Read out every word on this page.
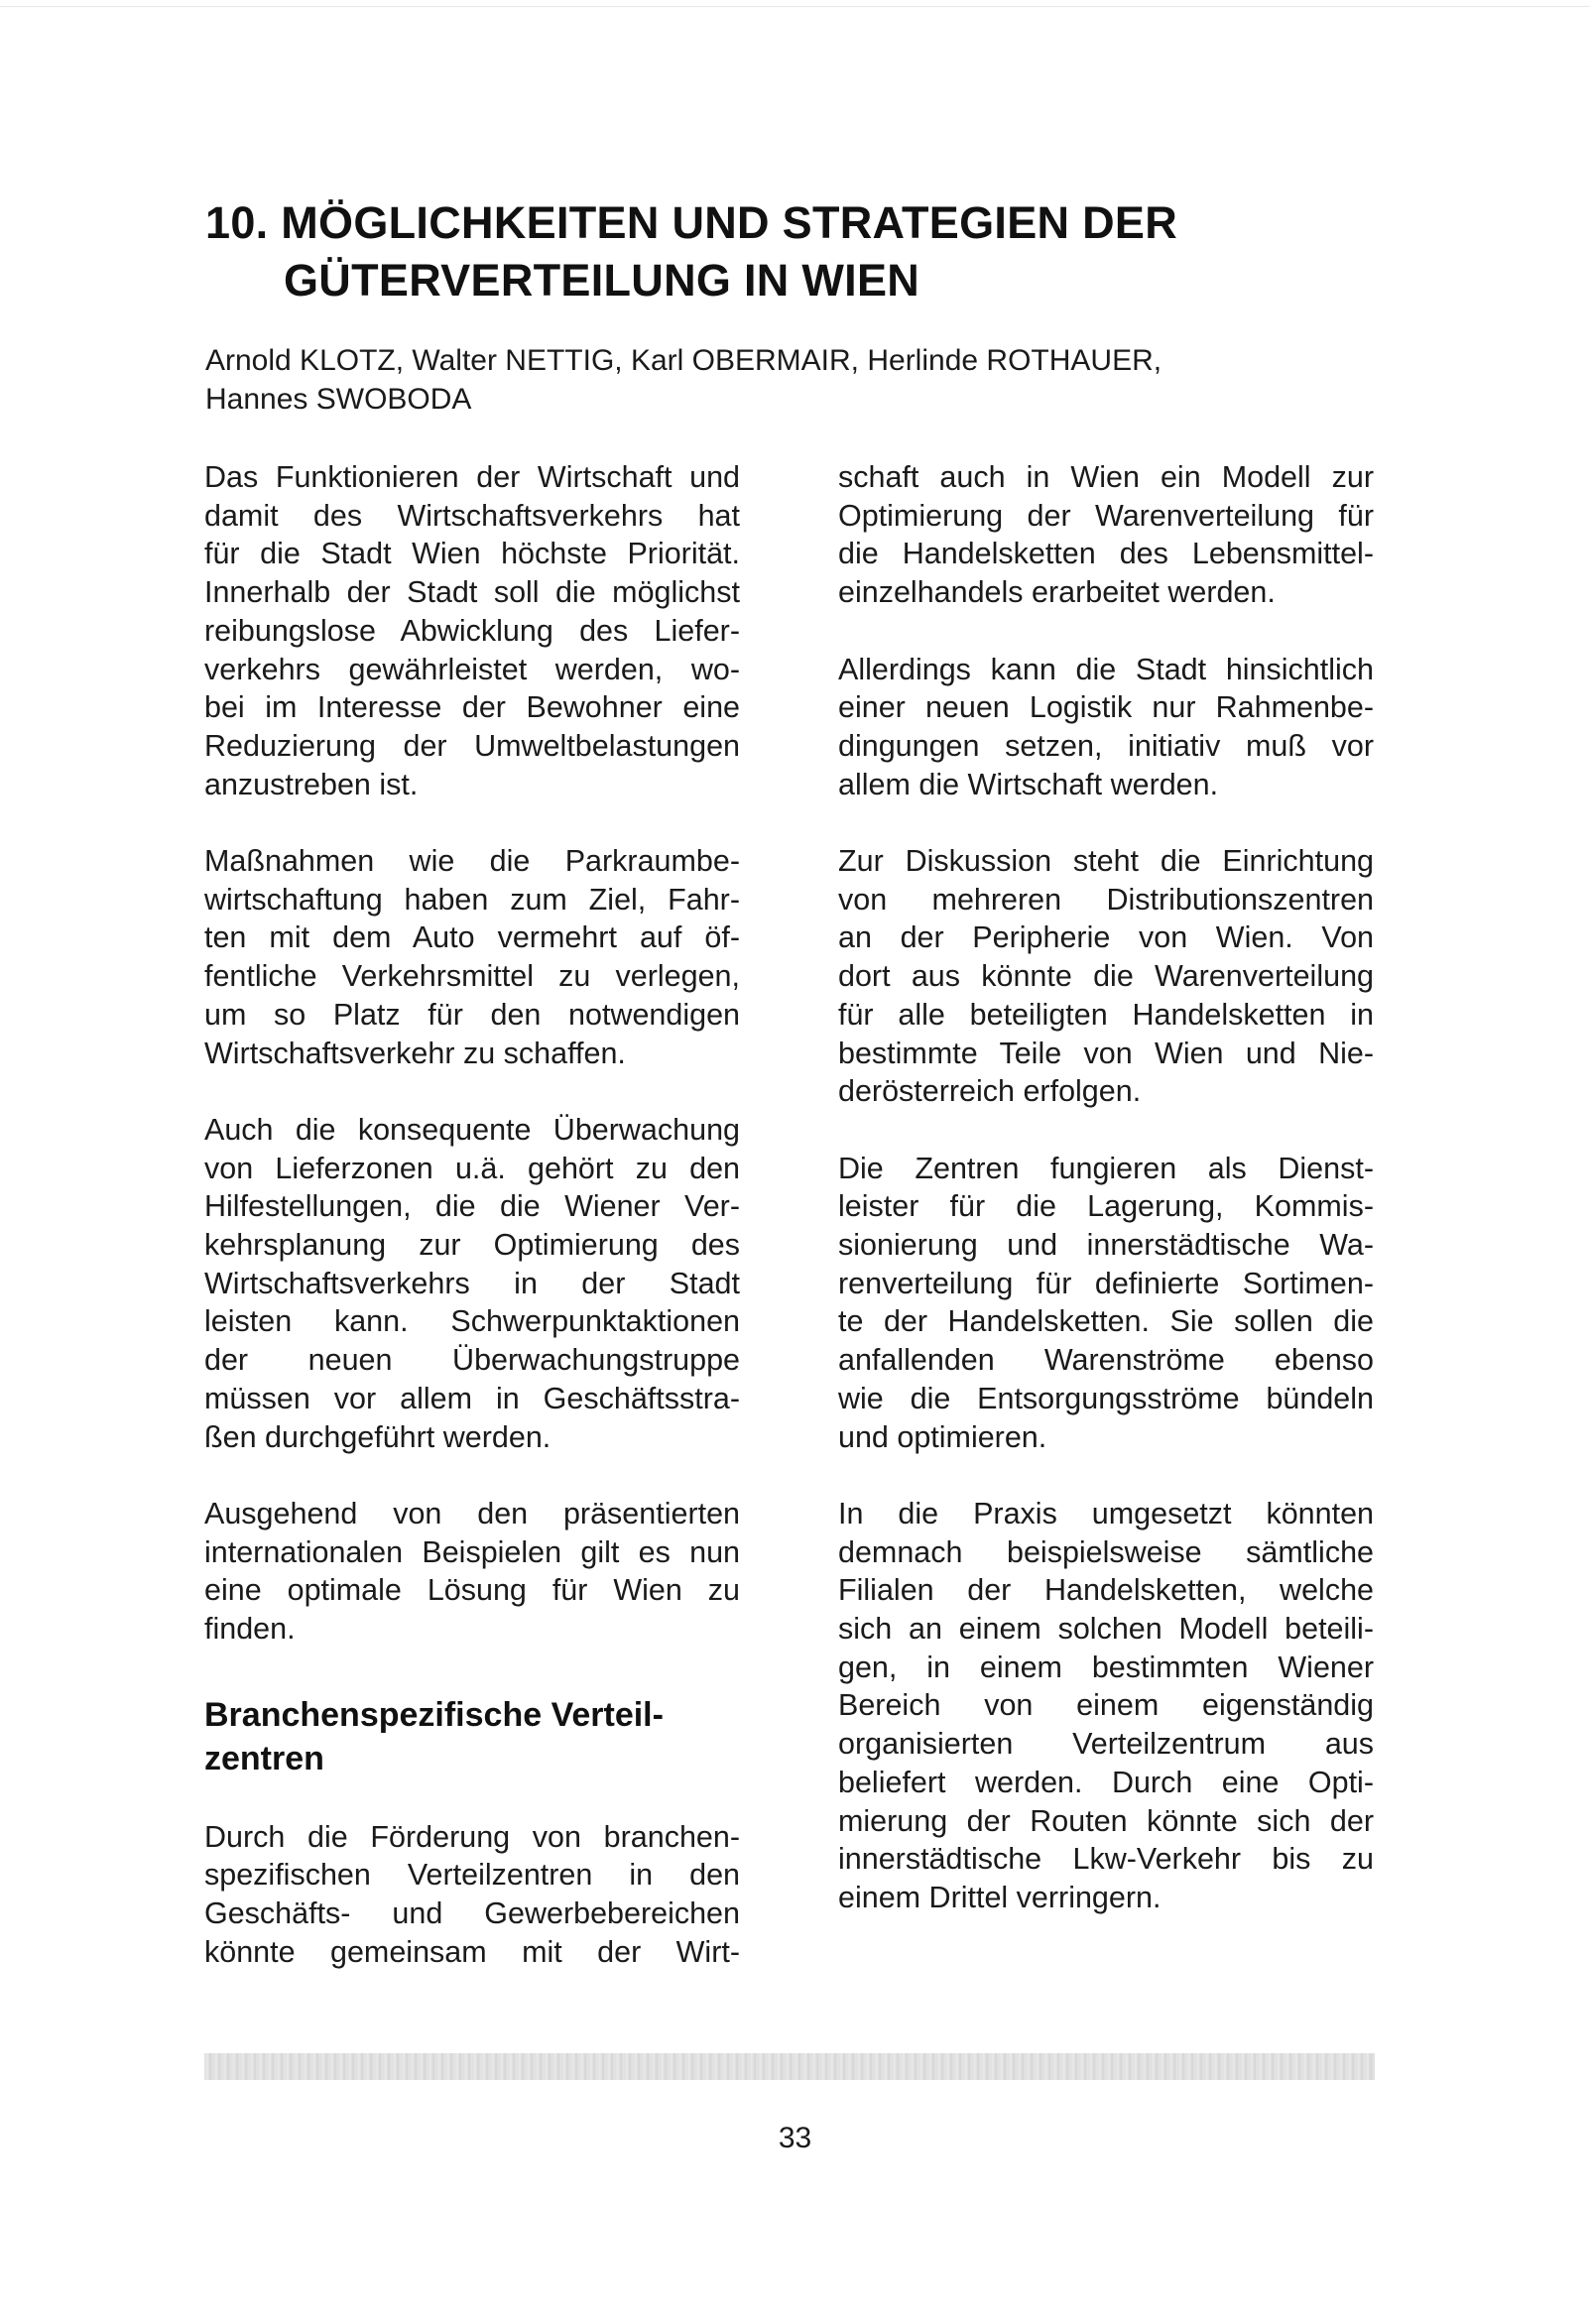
10. MÖGLICHKEITEN UND STRATEGIEN DER
GÜTERVERTEILUNG IN WIEN
Arnold KLOTZ, Walter NETTIG, Karl OBERMAIR, Herlinde ROTHAUER,
Hannes SWOBODA

Das Funktionieren der Wirtschaft und
damit des Wirtschaftsverkehrs hat
für die Stadt Wien höchste Priorität.
Innerhalb der Stadt soll die möglichst
reibungslose Abwicklung des Liefer-
verkehrs gewährleistet werden, wo-
bei im Interesse der Bewohner eine
Reduzierung der Umweltbelastungen
anzustreben ist.

Maßnahmen wie die Parkraumbe-
wirtschaftung haben zum Ziel, Fahr-
ten mit dem Auto vermehrt auf öf-
fentliche Verkehrsmittel zu verlegen,
um so Platz für den notwendigen
Wirtschaftsverkehr zu schaffen.

Auch die konsequente Überwachung
von Lieferzonen u.ä. gehört zu den
Hilfestellungen, die die Wiener Ver-
kehrsplanung zur Optimierung des
Wirtschaftsverkehrs in der Stadt
leisten kann. Schwerpunktaktionen
der neuen Überwachungstruppe
müssen vor allem in Geschäftsstra-
ßen durchgeführt werden.

Ausgehend von den präsentierten
internationalen Beispielen gilt es nun
eine optimale Lösung für Wien zu
finden.

Branchenspezifische Verteil-
zentren

Durch die Förderung von branchen-
spezifischen Verteilzentren in den
Geschäfts- und Gewerbebereichen
könnte gemeinsam mit der Wirt-

schaft auch in Wien ein Modell zur
Optimierung der Warenverteilung für
die Handelsketten des Lebensmittel-
einzelhandels erarbeitet werden.

Allerdings kann die Stadt hinsichtlich
einer neuen Logistik nur Rahmenbe-
dingungen setzen, initiativ muß vor
allem die Wirtschaft werden.

Zur Diskussion steht die Einrichtung
von mehreren Distributionszentren
an der Peripherie von Wien. Von
dort aus könnte die Warenverteilung
für alle beteiligten Handelsketten in
bestimmte Teile von Wien und Nie-
derösterreich erfolgen.

Die Zentren fungieren als Dienst-
leister für die Lagerung, Kommis-
sionierung und innerstädtische Wa-
renverteilung für definierte Sortimen-
te der Handelsketten. Sie sollen die
anfallenden Warenströme ebenso
wie die Entsorgungsströme bündeln
und optimieren.

In die Praxis umgesetzt könnten
demnach beispielsweise sämtliche
Filialen der Handelsketten, welche
sich an einem solchen Modell beteili-
gen, in einem bestimmten Wiener
Bereich von einem eigenständig
organisierten Verteilzentrum aus
beliefert werden. Durch eine Opti-
mierung der Routen könnte sich der
innerstädtische Lkw-Verkehr bis zu
einem Drittel verringern.

33
